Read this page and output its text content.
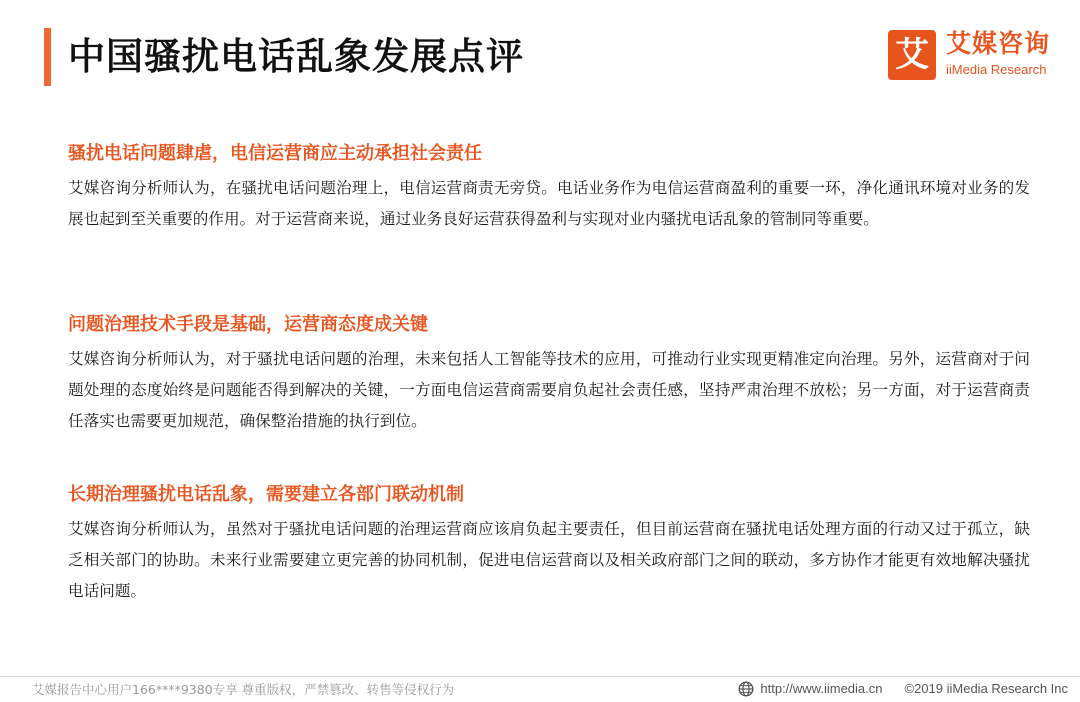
中国骚扰电话乱象发展点评	艾 艾媒咨询
iiMedia Research
骚扰电话问题肆虐，电信运营商应主动承担社会责任

艾媒咨询分析师认为，在骚扰电话问题治理上，电信运营商责无旁贷。电话业务作为电信运营商盈利的重要一环，净化通讯环境对业务的发展也起到至关重要的作用。对于运营商来说，通过业务良好运营获得盈利与实现对业内骚扰电话乱象的管制同等重要。

问题治理技术手段是基础，运营商态度成关键

艾媒咨询分析师认为，对于骚扰电话问题的治理，未来包括人工智能等技术的应用，可推动行业实现更精准定向治理。另外，运营商对于问题处理的态度始终是问题能否得到解决的关键，一方面电信运营商需要肩负起社会责任感，坚持严肃治理不放松；另一方面，对于运营商责任落实也需要更加规范，确保整治措施的执行到位。

长期治理骚扰电话乱象，需要建立各部门联动机制

艾媒咨询分析师认为，虽然对于骚扰电话问题的治理运营商应该肩负起主要责任，但目前运营商在骚扰电话处理方面的行动又过于孤立，缺乏相关部门的协助。未来行业需要建立更完善的协同机制，促进电信运营商以及相关政府部门之间的联动，多方协作才能更有效地解决骚扰电话问题。

艾媒报告中心用户166****9380专享 尊重版权，严禁篡改、转售等侵权行为	http://www.iimedia.cn ©2019 iiMedia Research Inc
